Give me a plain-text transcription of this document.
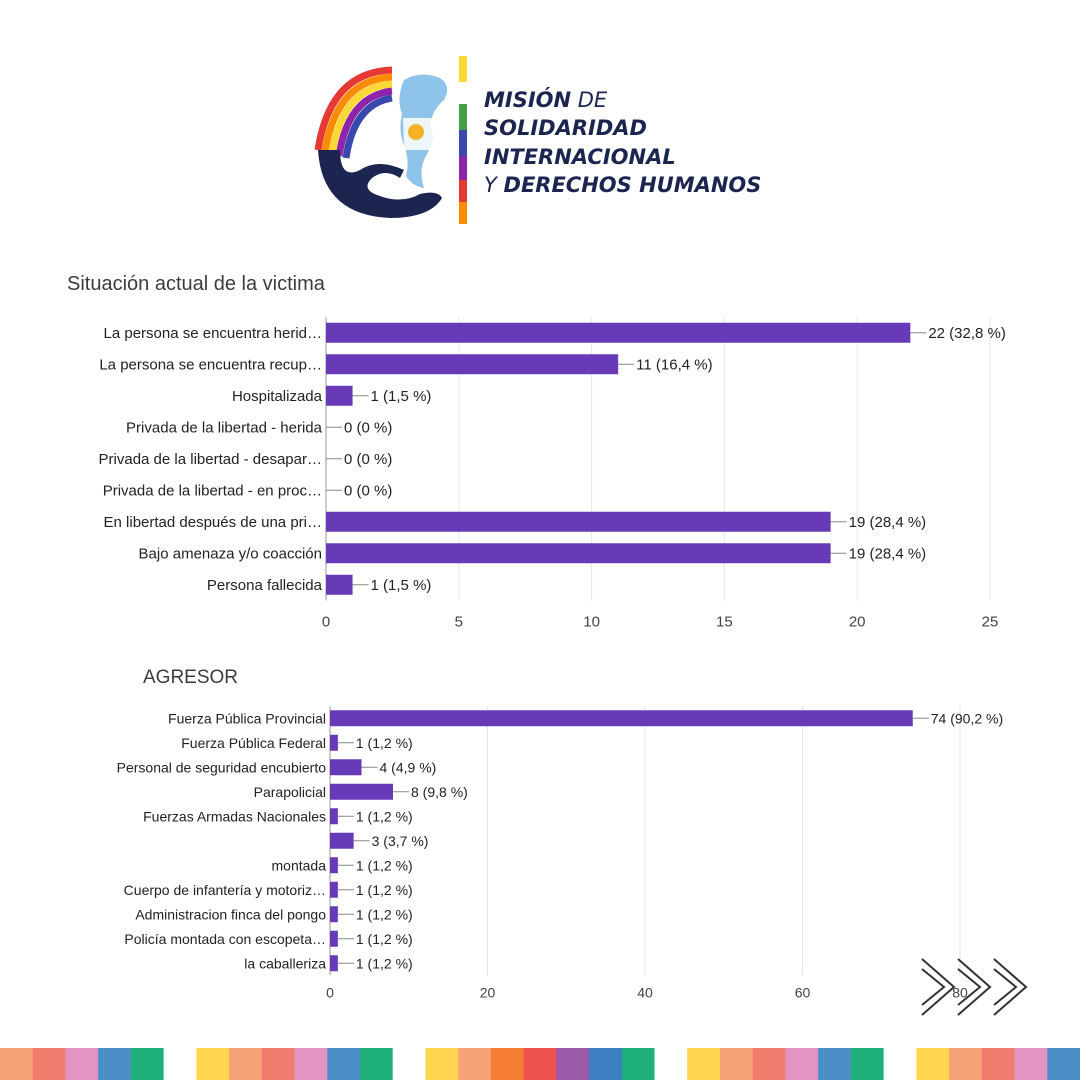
MISIÓN DE
SOLIDARIDAD
INTERNACIONAL
Y DERECHOS HUMANOS
Situación actual de la victima
0	5	10	15	20	25
La persona se encuentra herid…	22 (32,8 %)
La persona se encuentra recup…	11 (16,4 %)
Hospitalizada	1 (1,5 %)
Privada de la libertad - herida 0 (0 %)
Privada de la libertad - desapar… 0 (0 %)
Privada de la libertad - en proc… 0 (0 %)
En libertad después de una pri…	19 (28,4 %)
Bajo amenaza y/o coacción	19 (28,4 %)
Persona fallecida	1 (1,5 %)
AGRESOR
0	20	40	60	80
Fuerza Pública Provincial	74 (90,2 %)
Fuerza Pública Federal 1 (1,2 %)
Personal de seguridad encubierto	4 (4,9 %)
Parapolicial	8 (9,8 %)
Fuerzas Armadas Nacionales 1 (1,2 %)
3 (3,7 %)
montada 1 (1,2 %)
Cuerpo de infantería y motoriz… 1 (1,2 %)
Administracion finca del pongo 1 (1,2 %)
Policía montada con escopeta… 1 (1,2 %)
la caballeriza 1 (1,2 %)
